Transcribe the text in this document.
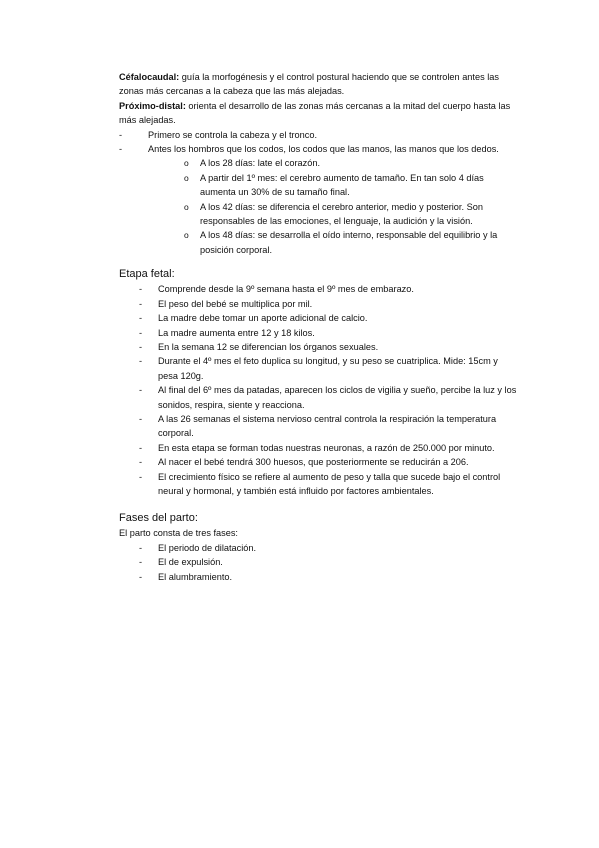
Céfalocaudal: guía la morfogénesis y el control postural haciendo que se controlen antes las zonas más cercanas a la cabeza que las más alejadas.

Próximo-distal: orienta el desarrollo de las zonas más cercanas a la mitad del cuerpo hasta las más alejadas.

- Primero se controla la cabeza y el tronco.
- Antes los hombros que los codos, los codos que las manos, las manos que los dedos.
o A los 28 días: late el corazón.
o A partir del 1º mes: el cerebro aumento de tamaño. En tan solo 4 días aumenta un 30% de su tamaño final.
o A los 42 días: se diferencia el cerebro anterior, medio y posterior. Son responsables de las emociones, el lenguaje, la audición y la visión.
o A los 48 días: se desarrolla el oído interno, responsable del equilibrio y la posición corporal.
Etapa fetal:
- Comprende desde la 9º semana hasta el 9º mes de embarazo.
- El peso del bebé se multiplica por mil.
- La madre debe tomar un aporte adicional de calcio.
- La madre aumenta entre 12 y 18 kilos.
- En la semana 12 se diferencian los órganos sexuales.
- Durante el 4º mes el feto duplica su longitud, y su peso se cuatriplica. Mide: 15cm y pesa 120g.
- Al final del 6º mes da patadas, aparecen los ciclos de vigilia y sueño, percibe la luz y los sonidos, respira, siente y reacciona.
- A las 26 semanas el sistema nervioso central controla la respiración la temperatura corporal.
- En esta etapa se forman todas nuestras neuronas, a razón de 250.000 por minuto.
- Al nacer el bebé tendrá 300 huesos, que posteriormente se reducirán a 206.
- El crecimiento físico se refiere al aumento de peso y talla que sucede bajo el control neural y hormonal, y también está influido por factores ambientales.
Fases del parto:

El parto consta de tres fases:

- El periodo de dilatación.
- El de expulsión.
- El alumbramiento.
